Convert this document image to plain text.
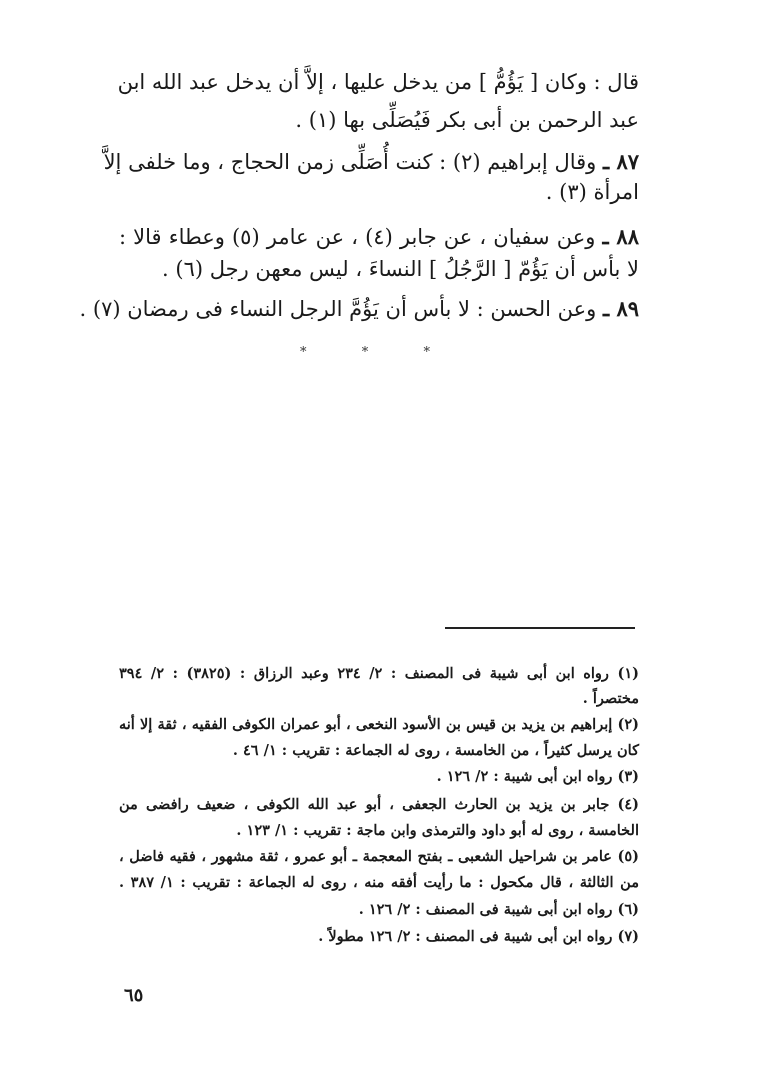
قال : وكان [ يَؤُمُّ ] من يدخل عليها ، إلاَّ أن يدخل عبد الله ابن
عبد الرحمن بن أبى بكر فَيُصَلِّى بها (١) .
٨٧ ـ وقال إبراهيم (٢) : كنت أُصَلِّى زمن الحجاج ، وما خلفى إلاَّ
امرأة (٣) .
٨٨ ـ وعن سفيان ، عن جابر (٤) ، عن عامر (٥) وعطاء قالا :
لا بأس أن يَؤُمّ [ الرَّجُلُ ] النساءَ ، ليس معهن رجل (٦) .
٨٩ ـ وعن الحسن : لا بأس أن يَؤُمَّ الرجل النساء فى رمضان (٧) .
*	*	*
(١) رواه ابن أبى شيبة فى المصنف : ٢/ ٢٣٤ وعبد الرزاق : (٣٨٢٥) : ٢/ ٣٩٤
مختصراً .
(٢) إبراهيم بن يزيد بن قيس بن الأسود النخعى ، أبو عمران الكوفى الفقيه ، ثقة إلا أنه
كان يرسل كثيراً ، من الخامسة ، روى له الجماعة : تقريب : ١/ ٤٦ .
(٣) رواه ابن أبى شيبة : ٢/ ١٢٦ .
(٤) جابر بن يزيد بن الحارث الجعفى ، أبو عبد الله الكوفى ، ضعيف رافضى من
الخامسة ، روى له أبو داود والترمذى وابن ماجة : تقريب : ١/ ١٢٣ .
(٥) عامر بن شراحيل الشعبى ـ بفتح المعجمة ـ أبو عمرو ، ثقة مشهور ، فقيه فاضل ،
من الثالثة ، قال مكحول : ما رأيت أفقه منه ، روى له الجماعة : تقريب : ١/ ٣٨٧ .
(٦) رواه ابن أبى شيبة فى المصنف : ٢/ ١٢٦ .
(٧) رواه ابن أبى شيبة فى المصنف : ٢/ ١٢٦ مطولاً .
٦٥
